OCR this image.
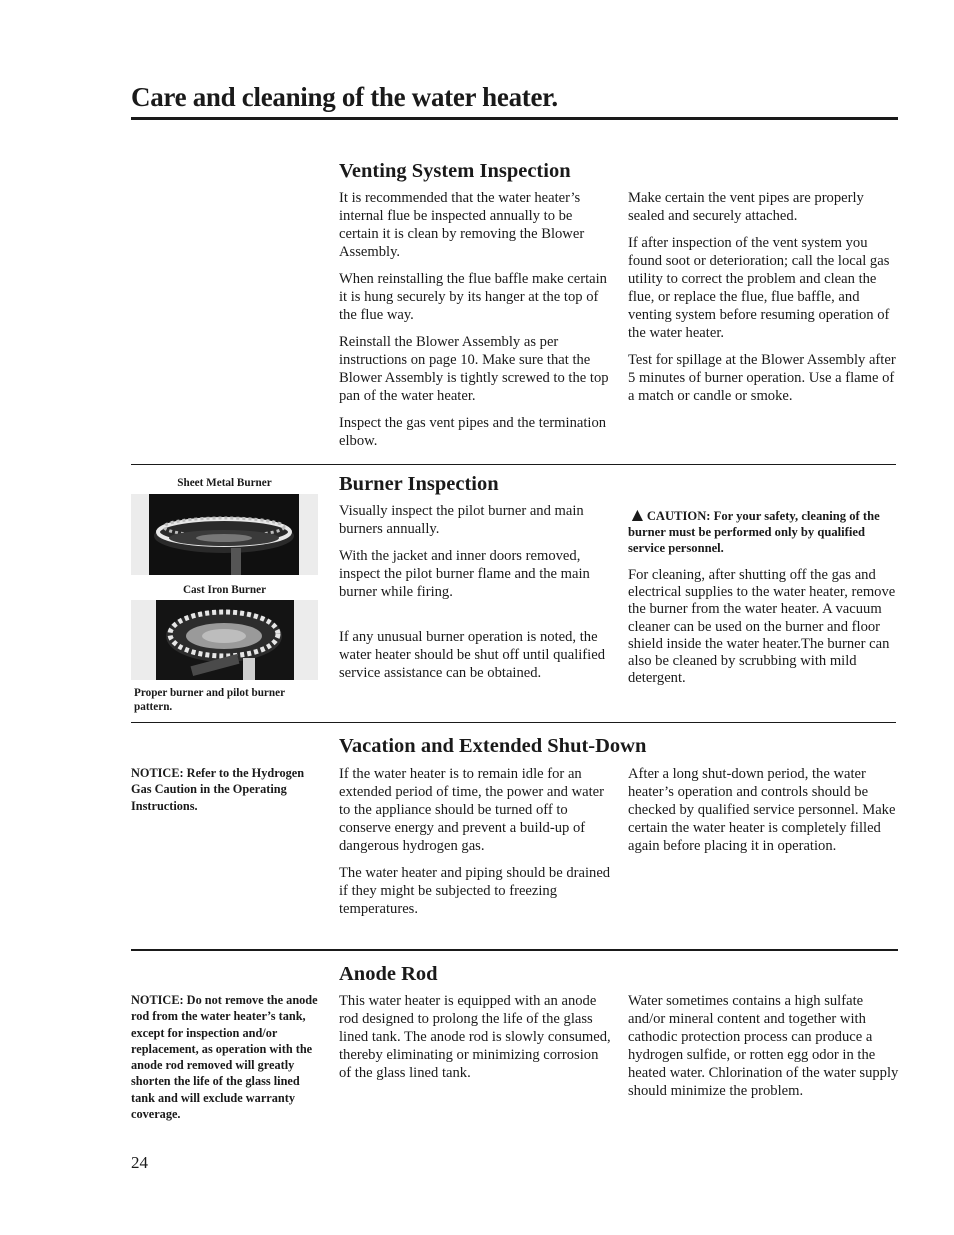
Care and cleaning of the water heater.
Venting System Inspection

It is recommended that the water heater’s internal flue be inspected annually to be certain it is clean by removing the Blower Assembly.

When reinstalling the flue baffle make certain it is hung securely by its hanger at the top of the flue way.

Reinstall the Blower Assembly as per instructions on page 10. Make sure that the Blower Assembly is tightly screwed to the top pan of the water heater.

Inspect the gas vent pipes and the termination elbow.

Make certain the vent pipes are properly sealed and securely attached.

If after inspection of the vent system you found soot or deterioration; call the local gas utility to correct the problem and clean the flue, or replace the flue, flue baffle, and venting system before resuming operation of the water heater.

Test for spillage at the Blower Assembly after 5 minutes of burner operation. Use a flame of a match or candle or smoke.

Sheet Metal Burner
Cast Iron Burner
Proper burner and pilot burner pattern.
Burner Inspection

Visually inspect the pilot burner and main burners annually.

With the jacket and inner doors removed, inspect the pilot burner flame and the main burner while firing.

If any unusual burner operation is noted, the water heater should be shut off until qualified service assistance can be obtained.

▲CAUTION: For your safety, cleaning of the burner must be performed only by qualified service personnel.

For cleaning, after shutting off the gas and electrical supplies to the water heater, remove the burner from the water heater. A vacuum cleaner can be used on the burner and floor shield inside the water heater.The burner can also be cleaned by scrubbing with mild detergent.

NOTICE: Refer to the Hydrogen Gas Caution in the Operating Instructions.
Vacation and Extended Shut-Down

If the water heater is to remain idle for an extended period of time, the power and water to the appliance should be turned off to conserve energy and prevent a build-up of dangerous hydrogen gas.

The water heater and piping should be drained if they might be subjected to freezing temperatures.

After a long shut-down period, the water heater’s operation and controls should be checked by qualified service personnel. Make certain the water heater is completely filled again before placing it in operation.

NOTICE: Do not remove the anode rod from the water heater’s tank, except for inspection and/or replacement, as operation with the anode rod removed will greatly shorten the life of the glass lined tank and will exclude warranty coverage.
Anode Rod

This water heater is equipped with an anode rod designed to prolong the life of the glass lined tank. The anode rod is slowly consumed, thereby eliminating or minimizing corrosion of the glass lined tank.

Water sometimes contains a high sulfate and/or mineral content and together with cathodic protection process can produce a hydrogen sulfide, or rotten egg odor in the heated water. Chlorination of the water supply should minimize the problem.

24
